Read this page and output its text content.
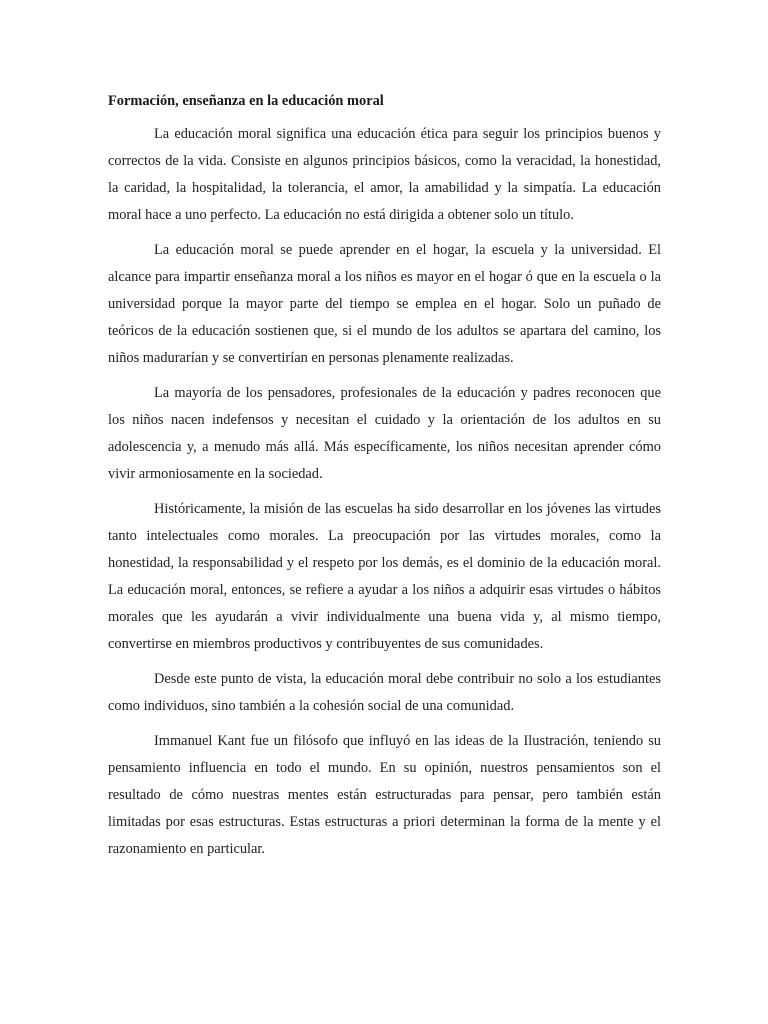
Formación, enseñanza en la educación moral

La educación moral significa una educación ética para seguir los principios buenos y correctos de la vida. Consiste en algunos principios básicos, como la veracidad, la honestidad, la caridad, la hospitalidad, la tolerancia, el amor, la amabilidad y la simpatía. La educación moral hace a uno perfecto. La educación no está dirigida a obtener solo un título.

La educación moral se puede aprender en el hogar, la escuela y la universidad. El alcance para impartir enseñanza moral a los niños es mayor en el hogar ó que en la escuela o la universidad porque la mayor parte del tiempo se emplea en el hogar. Solo un puñado de teóricos de la educación sostienen que, si el mundo de los adultos se apartara del camino, los niños madurarían y se convertirían en personas plenamente realizadas.

La mayoría de los pensadores, profesionales de la educación y padres reconocen que los niños nacen indefensos y necesitan el cuidado y la orientación de los adultos en su adolescencia y, a menudo más allá. Más específicamente, los niños necesitan aprender cómo vivir armoniosamente en la sociedad.

Históricamente, la misión de las escuelas ha sido desarrollar en los jóvenes las virtudes tanto intelectuales como morales. La preocupación por las virtudes morales, como la honestidad, la responsabilidad y el respeto por los demás, es el dominio de la educación moral. La educación moral, entonces, se refiere a ayudar a los niños a adquirir esas virtudes o hábitos morales que les ayudarán a vivir individualmente una buena vida y, al mismo tiempo, convertirse en miembros productivos y contribuyentes de sus comunidades.

Desde este punto de vista, la educación moral debe contribuir no solo a los estudiantes como individuos, sino también a la cohesión social de una comunidad.

Immanuel Kant fue un filósofo que influyó en las ideas de la Ilustración, teniendo su pensamiento influencia en todo el mundo. En su opinión, nuestros pensamientos son el resultado de cómo nuestras mentes están estructuradas para pensar, pero también están limitadas por esas estructuras. Estas estructuras a priori determinan la forma de la mente y el razonamiento en particular.
